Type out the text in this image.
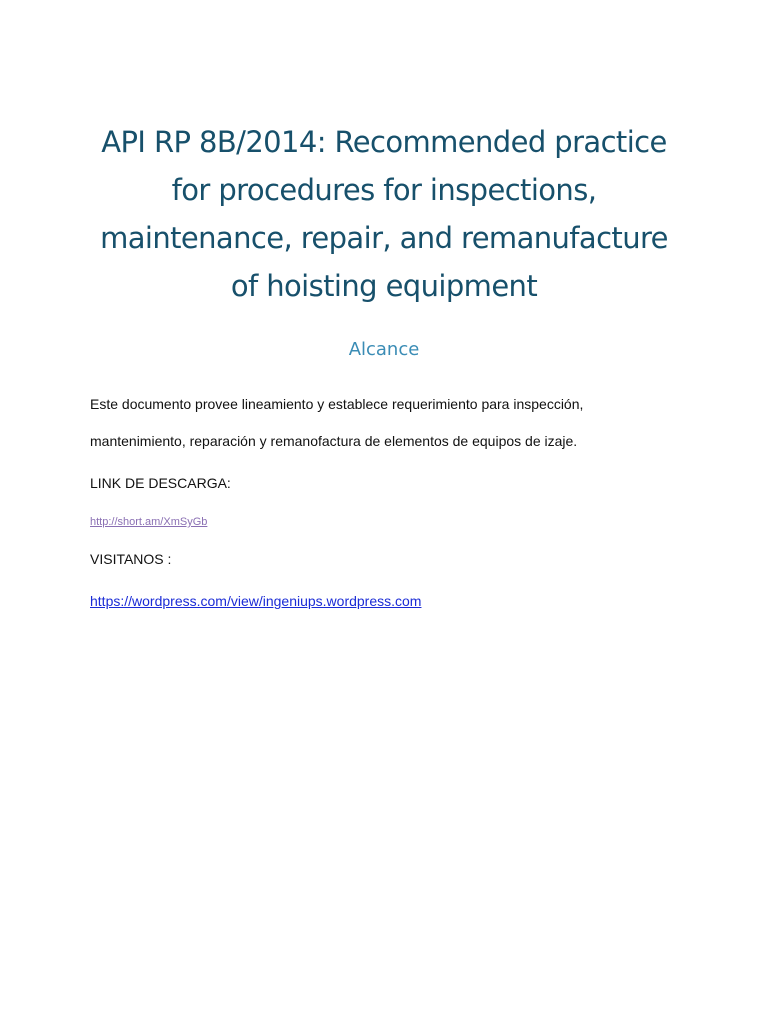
API RP 8B/2014: Recommended practice
for procedures for inspections,
maintenance, repair, and remanufacture
of hoisting equipment
Alcance

Este documento provee lineamiento y establece requerimiento para inspección,

mantenimiento, reparación y remanofactura de elementos de equipos de izaje.

LINK DE DESCARGA:

http://short.am/XmSyGb

VISITANOS :

https://wordpress.com/view/ingeniups.wordpress.com
